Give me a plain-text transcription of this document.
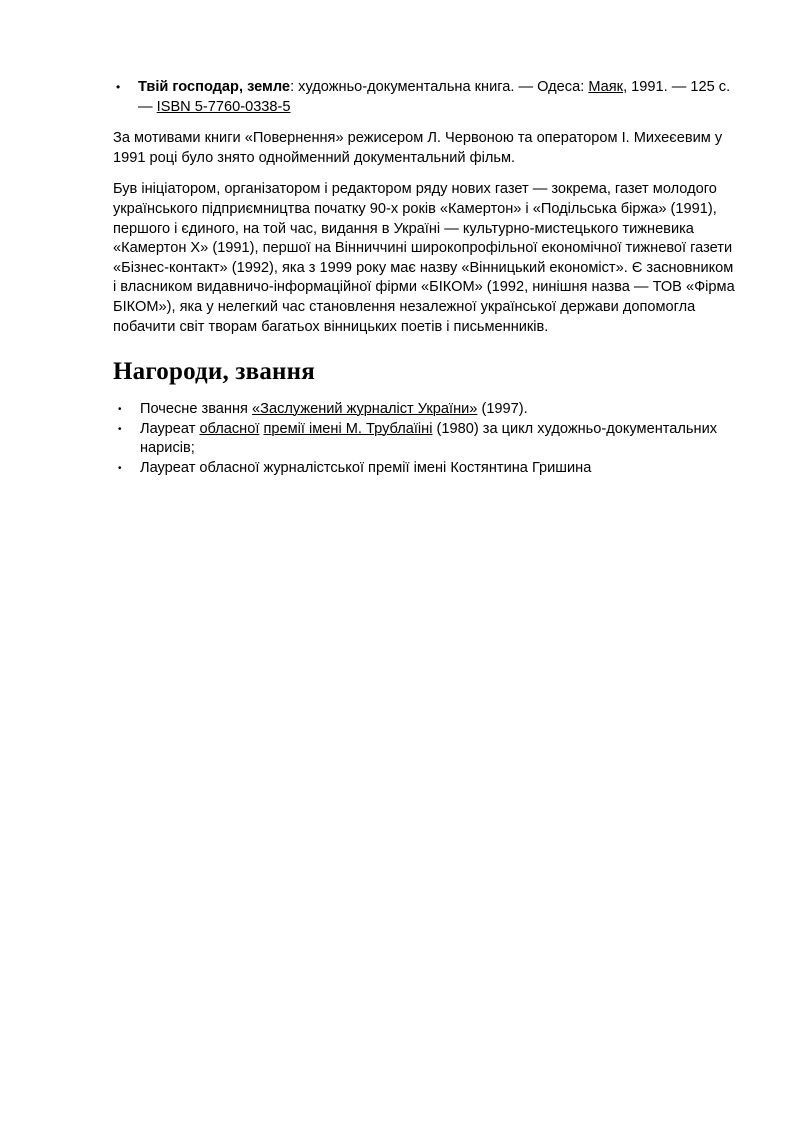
•	Твій господар, земле: художньо-документальна книга. — Одеса: Маяк, 1991. — 125 с. — ISBN 5-7760-0338-5

За мотивами книги «Повернення» режисером Л. Червоною та оператором І. Михеєевим у 1991 році було знято однойменний документальний фільм.

Був ініціатором, організатором і редактором ряду нових газет — зокрема, газет молодого українського підприємництва початку 90-х років «Камертон» і «Подільська біржа» (1991), першого і єдиного, на той час, видання в Україні — культурно-мистецького тижневика «Камертон Х» (1991), першої на Вінниччині широкопрофільної економічної тижневої газети «Бізнес-контакт» (1992), яка з 1999 року має назву «Вінницький економіст». Є засновником і власником видавничо-інформаційної фірми «БІКОМ» (1992, нинішня назва — ТОВ «Фірма БІКОМ»), яка у нелегкий час становлення незалежної української держави допомогла побачити світ творам багатьох вінницьких поетів і письменників.

Нагороди, звання
•	Почесне звання «Заслужений журналіст України» (1997).
•	Лауреат обласної премії імені М. Трублаїіні (1980) за цикл художньо-документальних нарисів;
•	Лауреат обласної журналістської премії імені Костянтина Гришина
